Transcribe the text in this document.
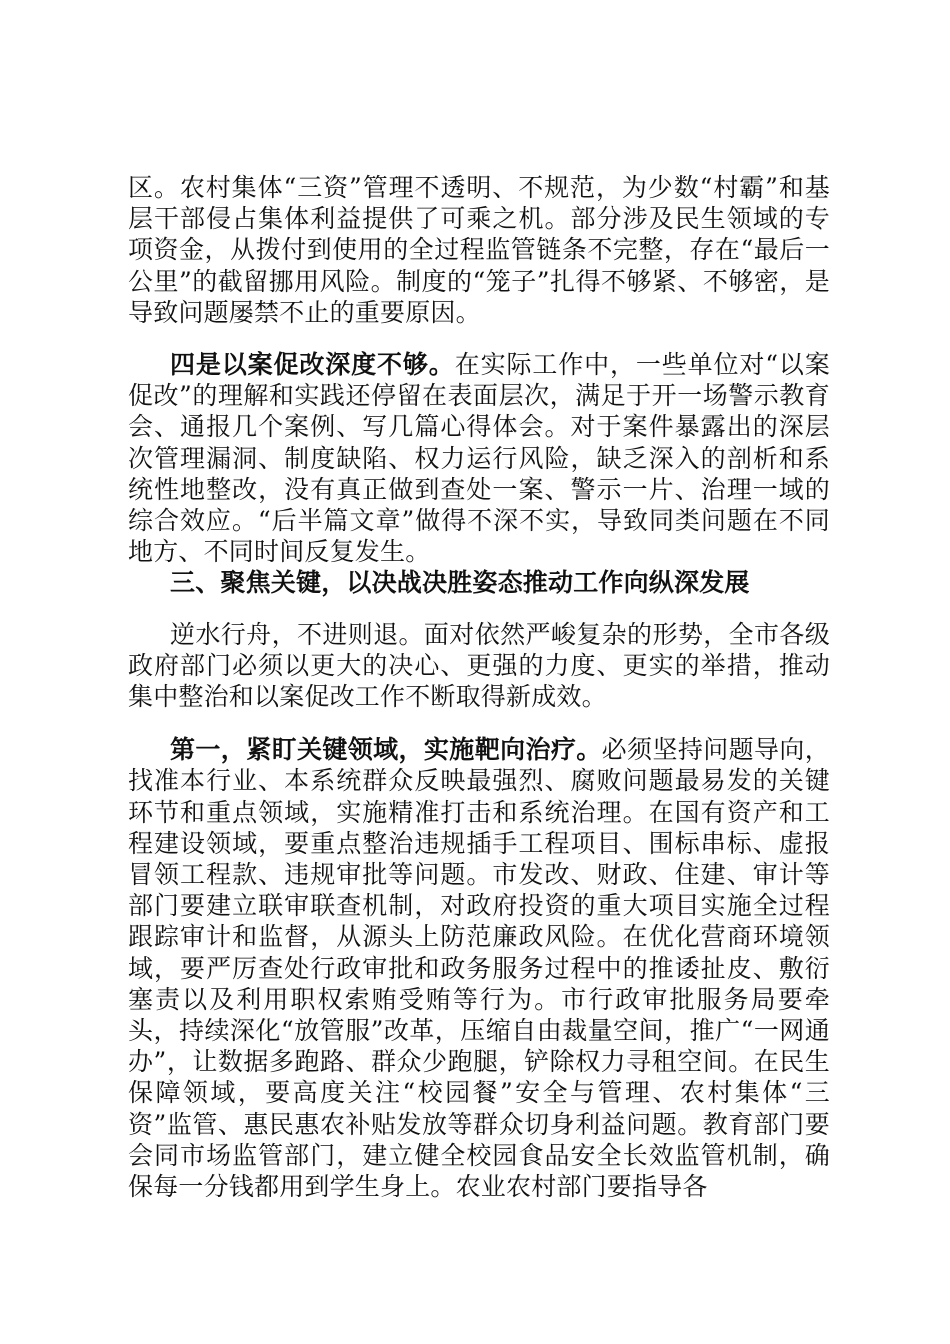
区。农村集体“三资”管理不透明、不规范，为少数“村霸”和基层干部侵占集体利益提供了可乘之机。部分涉及民生领域的专项资金，从拨付到使用的全过程监管链条不完整，存在“最后一公里”的截留挪用风险。制度的“笼子”扎得不够紧、不够密，是导致问题屡禁不止的重要原因。

四是以案促改深度不够。在实际工作中，一些单位对“以案促改”的理解和实践还停留在表面层次，满足于开一场警示教育会、通报几个案例、写几篇心得体会。对于案件暴露出的深层次管理漏洞、制度缺陷、权力运行风险，缺乏深入的剖析和系统性地整改，没有真正做到查处一案、警示一片、治理一域的综合效应。“后半篇文章”做得不深不实，导致同类问题在不同地方、不同时间反复发生。

三、聚焦关键，以决战决胜姿态推动工作向纵深发展

逆水行舟，不进则退。面对依然严峻复杂的形势，全市各级政府部门必须以更大的决心、更强的力度、更实的举措，推动集中整治和以案促改工作不断取得新成效。

第一，紧盯关键领域，实施靶向治疗。必须坚持问题导向，找准本行业、本系统群众反映最强烈、腐败问题最易发的关键环节和重点领域，实施精准打击和系统治理。在国有资产和工程建设领域，要重点整治违规插手工程项目、围标串标、虚报冒领工程款、违规审批等问题。市发改、财政、住建、审计等部门要建立联审联查机制，对政府投资的重大项目实施全过程跟踪审计和监督，从源头上防范廉政风险。在优化营商环境领域，要严厉查处行政审批和政务服务过程中的推诿扯皮、敷衍塞责以及利用职权索贿受贿等行为。市行政审批服务局要牵头，持续深化“放管服”改革，压缩自由裁量空间，推广“一网通办”，让数据多跑路、群众少跑腿，铲除权力寻租空间。在民生保障领域，要高度关注“校园餐”安全与管理、农村集体“三资”监管、惠民惠农补贴发放等群众切身利益问题。教育部门要会同市场监管部门，建立健全校园食品安全长效监管机制，确保每一分钱都用到学生身上。农业农村部门要指导各
